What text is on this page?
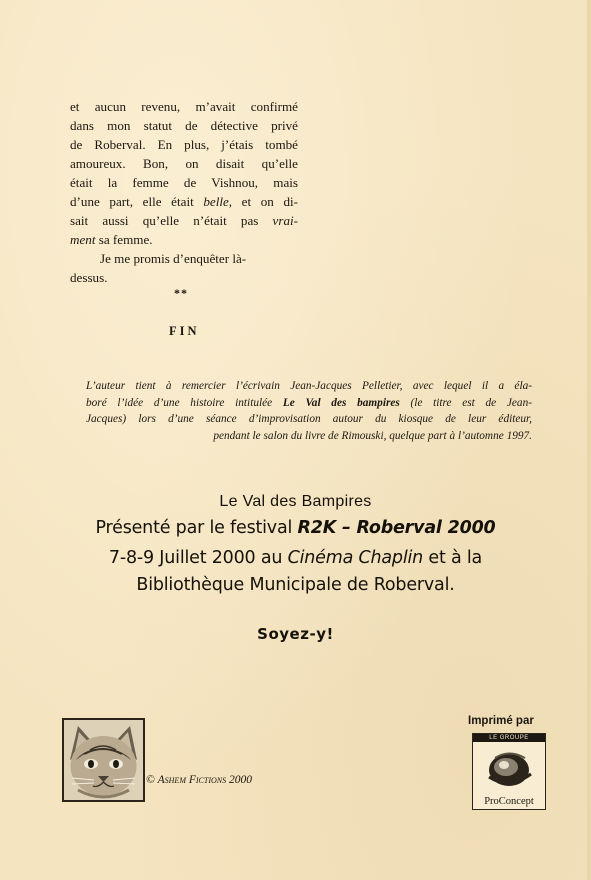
et aucun revenu, m’avait confirmé
dans mon statut de détective privé
de Roberval. En plus, j’étais tombé
amoureux. Bon, on disait qu’elle
était la femme de Vishnou, mais
d’une part, elle était belle, et on di-
sait aussi qu’elle n’était pas vrai-
ment sa femme.
Je me promis d’enquêter là-
dessus.
**
FIN
L’auteur tient à remercier l’écrivain Jean-Jacques Pelletier, avec lequel il a éla-
boré l’idée d’une histoire intitulée Le Val des bampires (le titre est de Jean-
Jacques) lors d’une séance d’improvisation autour du kiosque de leur éditeur,
pendant le salon du livre de Rimouski, quelque part à l’automne 1997.
Le Val des Bampires
Présenté par le festival R2K – Roberval 2000
7-8-9 Juillet 2000 au Cinéma Chaplin et à la
Bibliothèque Municipale de Roberval.
Soyez-y!
© Ashem Fictions 2000
Imprimé par
LE GROUPE
ProConcept
